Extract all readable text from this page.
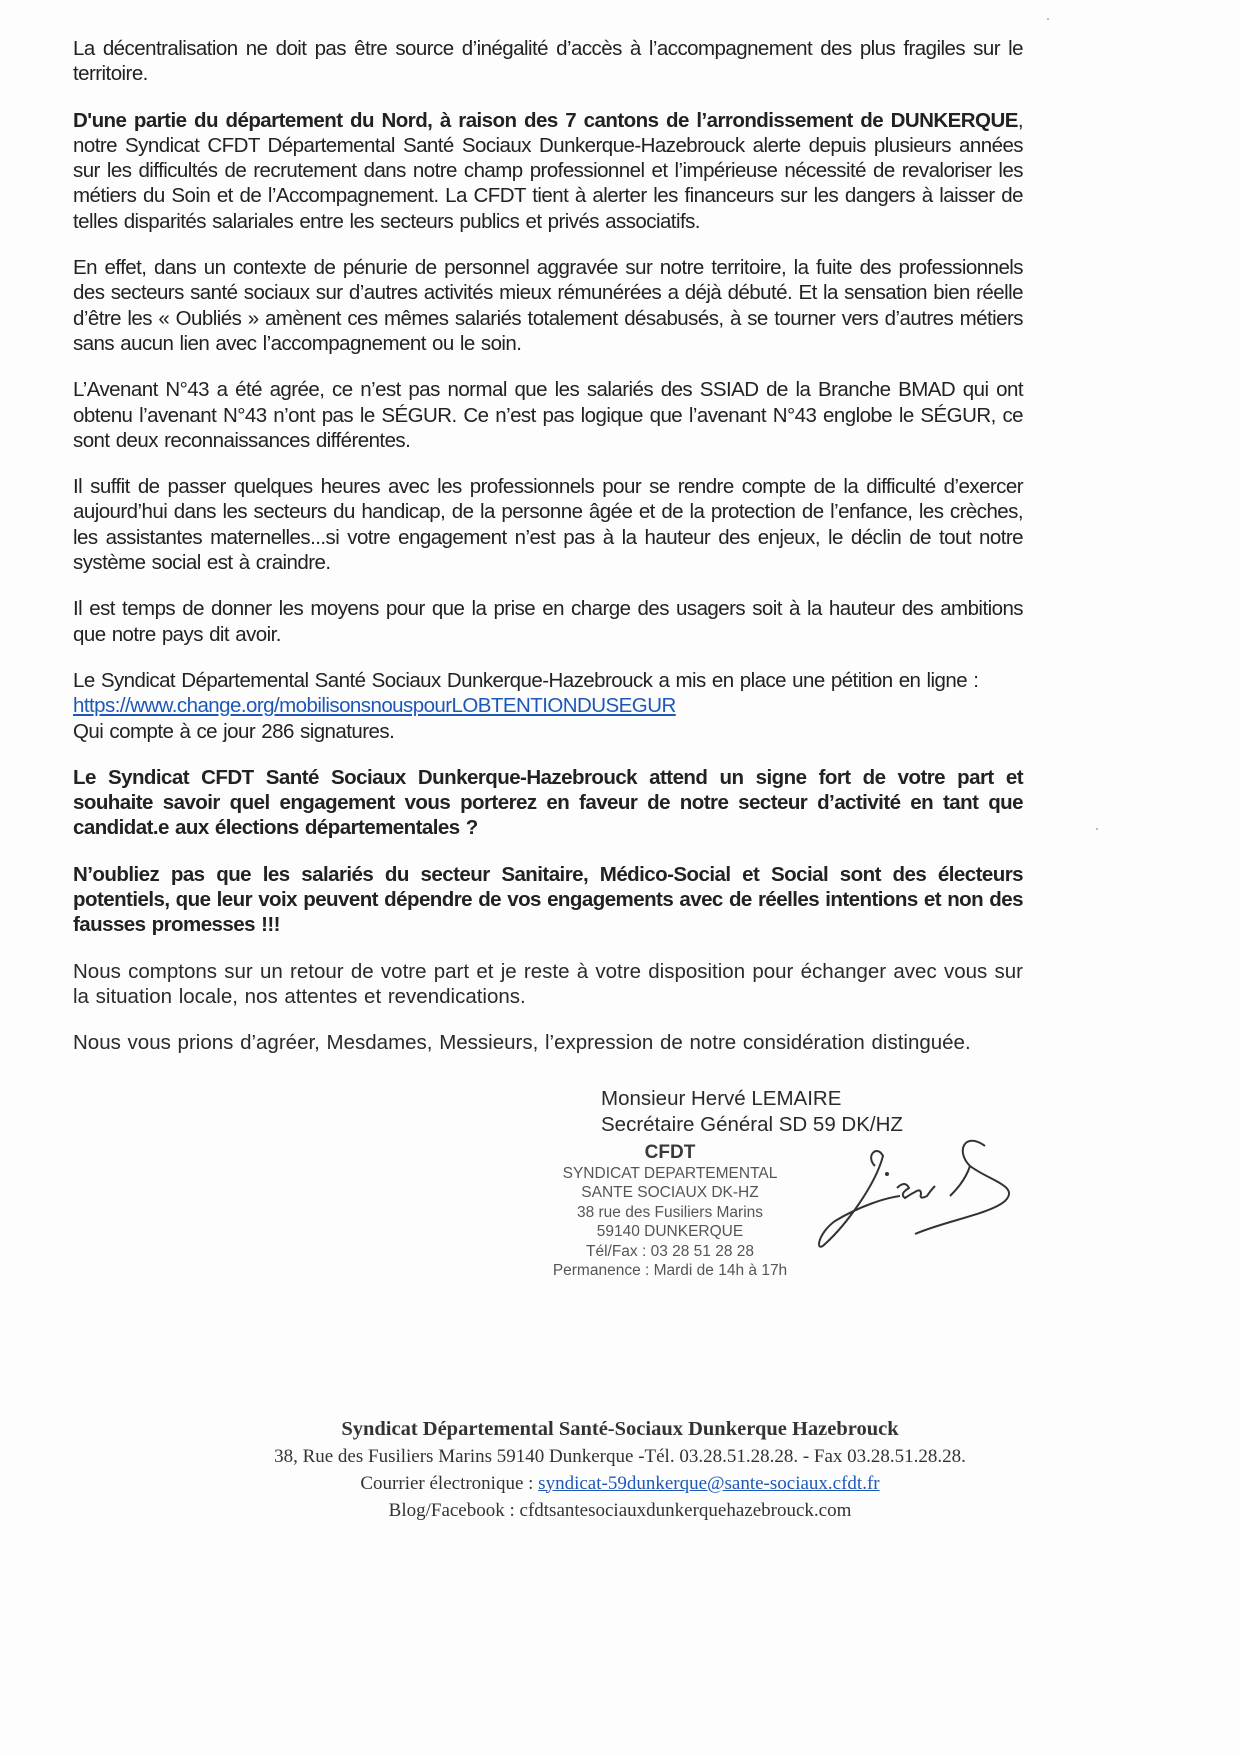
La décentralisation ne doit pas être source d’inégalité d’accès à l’accompagnement des plus fragiles sur le territoire.

D'une partie du département du Nord, à raison des 7 cantons de l’arrondissement de DUNKERQUE, notre Syndicat CFDT Départemental Santé Sociaux Dunkerque-Hazebrouck alerte depuis plusieurs années sur les difficultés de recrutement dans notre champ professionnel et l’impérieuse nécessité de revaloriser les métiers du Soin et de l’Accompagnement. La CFDT tient à alerter les financeurs sur les dangers à laisser de telles disparités salariales entre les secteurs publics et privés associatifs.

En effet, dans un contexte de pénurie de personnel aggravée sur notre territoire, la fuite des professionnels des secteurs santé sociaux sur d’autres activités mieux rémunérées a déjà débuté. Et la sensation bien réelle d’être les « Oubliés » amènent ces mêmes salariés totalement désabusés, à se tourner vers d’autres métiers sans aucun lien avec l’accompagnement ou le soin.

L’Avenant N°43 a été agrée, ce n’est pas normal que les salariés des SSIAD de la Branche BMAD qui ont obtenu l’avenant N°43 n’ont pas le SÉGUR. Ce n’est pas logique que l’avenant N°43 englobe le SÉGUR, ce sont deux reconnaissances différentes.

Il suffit de passer quelques heures avec les professionnels pour se rendre compte de la difficulté d’exercer aujourd’hui dans les secteurs du handicap, de la personne âgée et de la protection de l’enfance, les crèches, les assistantes maternelles...si votre engagement n’est pas à la hauteur des enjeux, le déclin de tout notre système social est à craindre.

Il est temps de donner les moyens pour que la prise en charge des usagers soit à la hauteur des ambitions que notre pays dit avoir.

Le Syndicat Départemental Santé Sociaux Dunkerque-Hazebrouck a mis en place une pétition en ligne :

https://www.change.org/mobilisonsnouspourLOBTENTIONDUSEGUR

Qui compte à ce jour 286 signatures.

Le Syndicat CFDT Santé Sociaux Dunkerque-Hazebrouck attend un signe fort de votre part et souhaite savoir quel engagement vous porterez en faveur de notre secteur d’activité en tant que candidat.e aux élections départementales ?

N’oubliez pas que les salariés du secteur Sanitaire, Médico-Social et Social sont des électeurs potentiels, que leur voix peuvent dépendre de vos engagements avec de réelles intentions et non des fausses promesses !!!

Nous comptons sur un retour de votre part et je reste à votre disposition pour échanger avec vous sur la situation locale, nos attentes et revendications.

Nous vous prions d’agréer, Mesdames, Messieurs, l’expression de notre considération distinguée.

Monsieur Hervé LEMAIRE
Secrétaire Général SD 59 DK/HZ
CFDT
SYNDICAT DEPARTEMENTAL
SANTE SOCIAUX DK-HZ
38 rue des Fusiliers Marins
59140 DUNKERQUE
Tél/Fax : 03 28 51 28 28
Permanence : Mardi de 14h à 17h
Syndicat Départemental Santé-Sociaux Dunkerque Hazebrouck
38, Rue des Fusiliers Marins 59140 Dunkerque -Tél. 03.28.51.28.28. - Fax 03.28.51.28.28.
Courrier électronique : syndicat-59dunkerque@sante-sociaux.cfdt.fr
Blog/Facebook : cfdtsantesociauxdunkerquehazebrouck.com
